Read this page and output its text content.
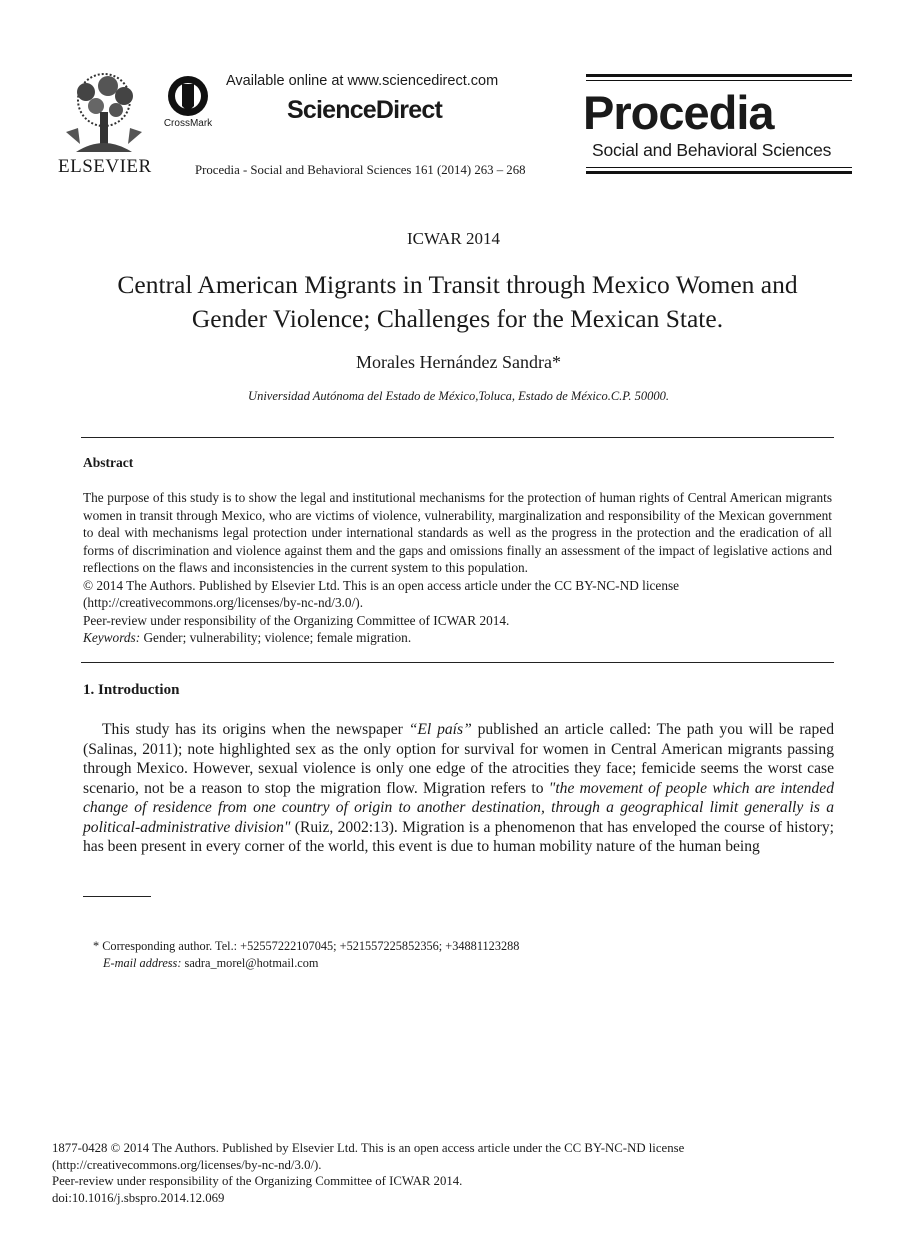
ELSEVIER
CrossMark
Available online at www.sciencedirect.com
ScienceDirect
Procedia - Social and Behavioral Sciences 161 (2014) 263 – 268
Procedia
Social and Behavioral Sciences
ICWAR 2014
Central American Migrants in Transit through Mexico Women and
Gender Violence; Challenges for the Mexican State.
Morales Hernández Sandra*
Universidad Autónoma del Estado de México,Toluca, Estado de México.C.P. 50000.
Abstract

The purpose of this study is to show the legal and institutional mechanisms for the protection of human rights of Central American migrants women in transit through Mexico, who are victims of violence, vulnerability, marginalization and responsibility of the Mexican government to deal with mechanisms legal protection under international standards as well as the progress in the protection and the eradication of all forms of discrimination and violence against them and the gaps and omissions finally an assessment of the impact of legislative actions and reflections on the flaws and inconsistencies in the current system to this population.

© 2014 The Authors. Published by Elsevier Ltd. This is an open access article under the CC BY-NC-ND license
(http://creativecommons.org/licenses/by-nc-nd/3.0/).
Peer-review under responsibility of the Organizing Committee of ICWAR 2014.
Keywords: Gender; vulnerability; violence; female migration.
1. Introduction

This study has its origins when the newspaper “El país” published an article called: The path you will be raped (Salinas, 2011); note highlighted sex as the only option for survival for women in Central American migrants passing through Mexico. However, sexual violence is only one edge of the atrocities they face; femicide seems the worst case scenario, not be a reason to stop the migration flow. Migration refers to "the movement of people which are intended change of residence from one country of origin to another destination, through a geographical limit generally is a political-administrative division" (Ruiz, 2002:13). Migration is a phenomenon that has enveloped the course of history; has been present in every corner of the world, this event is due to human mobility nature of the human being

* Corresponding author. Tel.: +52557222107045; +521557225852356; +34881123288
E-mail address: sadra_morel@hotmail.com
1877-0428 © 2014 The Authors. Published by Elsevier Ltd. This is an open access article under the CC BY-NC-ND license
(http://creativecommons.org/licenses/by-nc-nd/3.0/).
Peer-review under responsibility of the Organizing Committee of ICWAR 2014.
doi:10.1016/j.sbspro.2014.12.069
